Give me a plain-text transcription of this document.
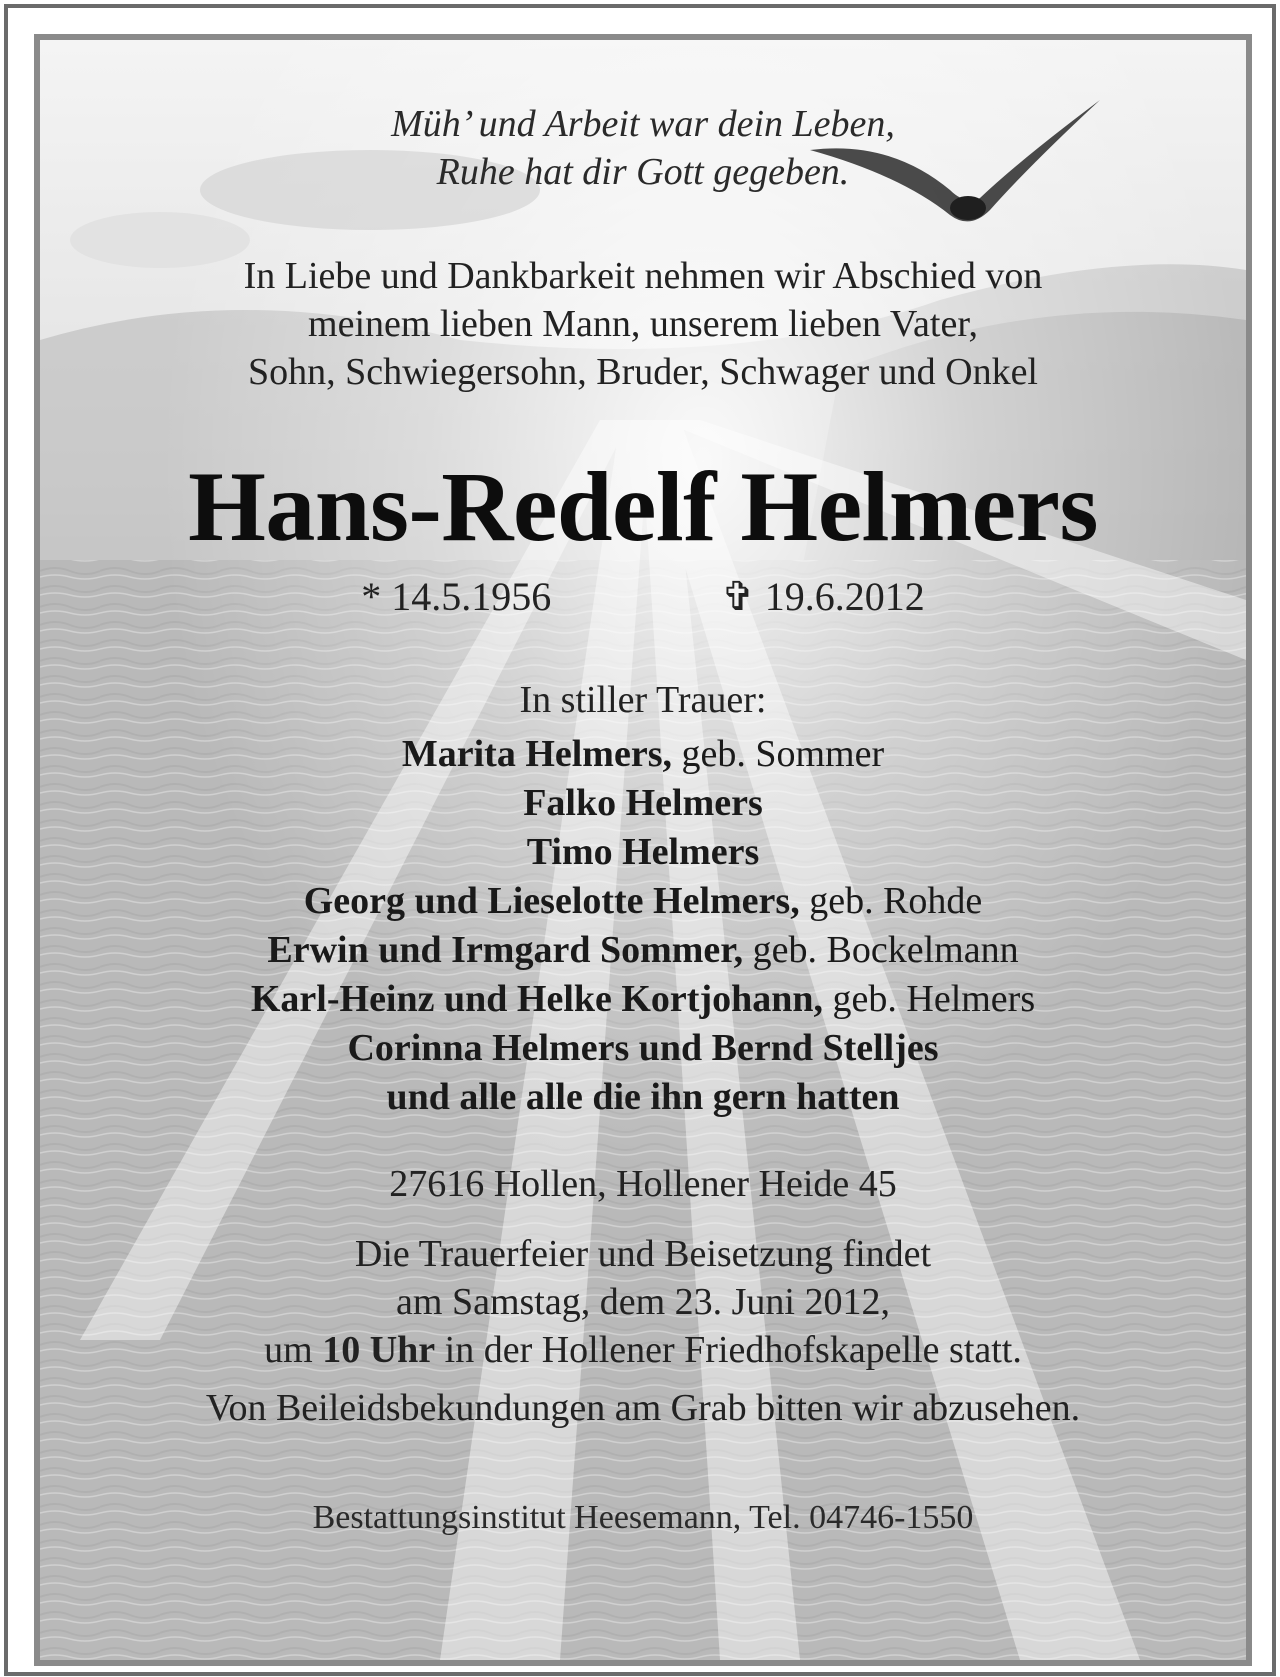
Müh’ und Arbeit war dein Leben,
Ruhe hat dir Gott gegeben.
In Liebe und Dankbarkeit nehmen wir Abschied von
meinem lieben Mann, unserem lieben Vater,
Sohn, Schwiegersohn, Bruder, Schwager und Onkel
Hans-Redelf Helmers
* 14.5.1956	✞ 19.6.2012
In stiller Trauer:
Marita Helmers, geb. Sommer
Falko Helmers
Timo Helmers
Georg und Lieselotte Helmers, geb. Rohde
Erwin und Irmgard Sommer, geb. Bockelmann
Karl-Heinz und Helke Kortjohann, geb. Helmers
Corinna Helmers und Bernd Stelljes
und alle alle die ihn gern hatten
27616 Hollen, Hollener Heide 45
Die Trauerfeier und Beisetzung findet
am Samstag, dem 23. Juni 2012,
um 10 Uhr in der Hollener Friedhofskapelle statt.
Von Beileidsbekundungen am Grab bitten wir abzusehen.
Bestattungsinstitut Heesemann, Tel. 04746-1550
